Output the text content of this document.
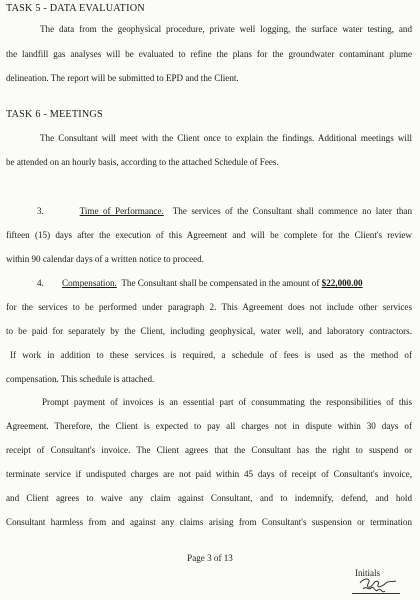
TASK 5 - DATA EVALUATION

The data from the geophysical procedure, private well logging, the surface water testing, and

the landfill gas analyses will be evaluated to refine the plans for the groundwater contaminant plume

delineation. The report will be submitted to EPD and the Client.

TASK 6 - MEETINGS

The Consultant will meet with the Client once to explain the findings. Additional meetings will

be attended on an hourly basis, according to the attached Schedule of Fees.

3.	Time of Performance. The services of the Consultant shall commence no later than

fifteen (15) days after the execution of this Agreement and will be complete for the Client's review

within 90 calendar days of a written notice to proceed.

4. Compensation. The Consultant shall be compensated in the amount of $22,000.00

for the services to be performed under paragraph 2. This Agreement does not include other services

to be paid for separately by the Client, including geophysical, water well, and laboratory contractors.

If work in addition to these services is required, a schedule of fees is used as the method of

compensation. This schedule is attached.

Prompt payment of invoices is an essential part of consummating the responsibilities of this

Agreement. Therefore, the Client is expected to pay all charges not in dispute within 30 days of

receipt of Consultant's invoice. The Client agrees that the Consultant has the right to suspend or

terminate service if undisputed charges are not paid within 45 days of receipt of Consultant's invoice,

and Client agrees to waive any claim against Consultant, and to indemnify, defend, and hold

Consultant harmless from and against any claims arising from Consultant's suspension or termination

Page 3 of 13

Initials
